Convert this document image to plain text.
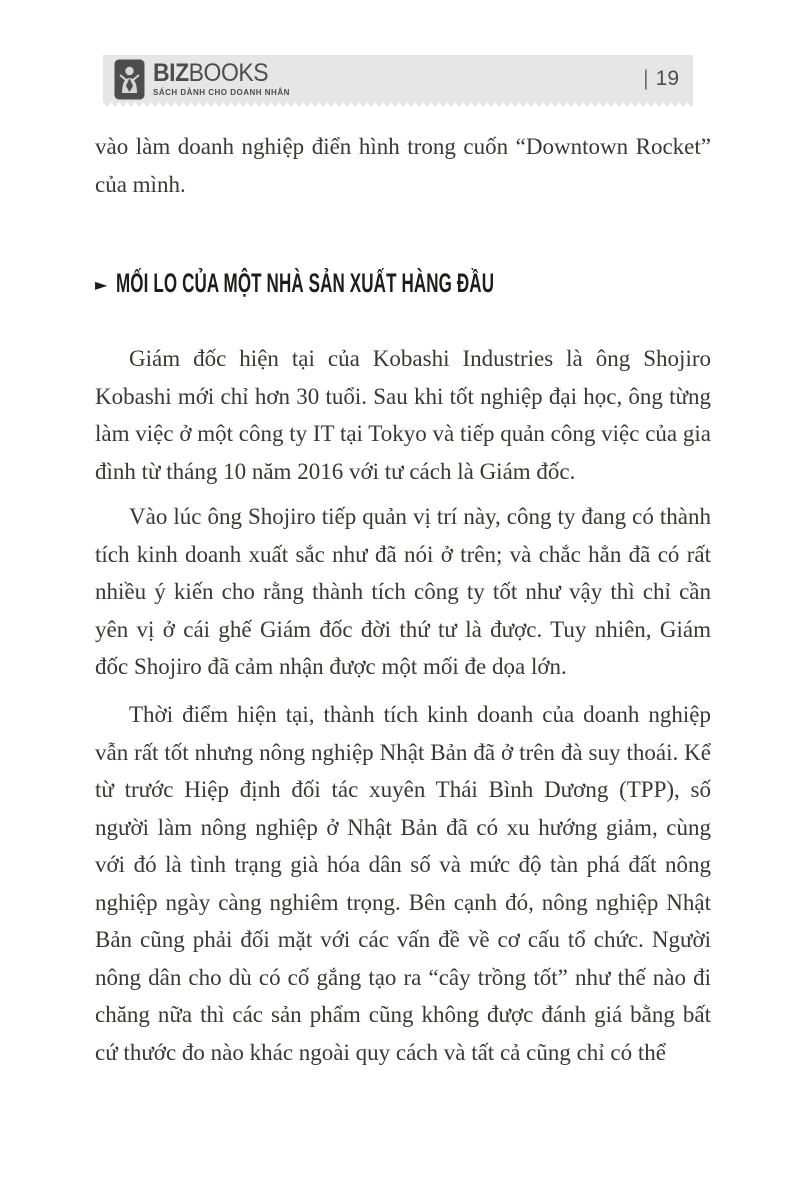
BIZBOOKS
SÁCH DÀNH CHO DOANH NHÂN
| 19

vào làm doanh nghiệp điển hình trong cuốn “Downtown Rocket” của mình.

► MỐI LO CỦA MỘT NHÀ SẢN XUẤT HÀNG ĐẦU

Giám đốc hiện tại của Kobashi Industries là ông Shojiro Kobashi mới chỉ hơn 30 tuổi. Sau khi tốt nghiệp đại học, ông từng làm việc ở một công ty IT tại Tokyo và tiếp quản công việc của gia đình từ tháng 10 năm 2016 với tư cách là Giám đốc.

Vào lúc ông Shojiro tiếp quản vị trí này, công ty đang có thành tích kinh doanh xuất sắc như đã nói ở trên; và chắc hẳn đã có rất nhiều ý kiến cho rằng thành tích công ty tốt như vậy thì chỉ cần yên vị ở cái ghế Giám đốc đời thứ tư là được. Tuy nhiên, Giám đốc Shojiro đã cảm nhận được một mối đe dọa lớn.

Thời điểm hiện tại, thành tích kinh doanh của doanh nghiệp vẫn rất tốt nhưng nông nghiệp Nhật Bản đã ở trên đà suy thoái. Kể từ trước Hiệp định đối tác xuyên Thái Bình Dương (TPP), số người làm nông nghiệp ở Nhật Bản đã có xu hướng giảm, cùng với đó là tình trạng già hóa dân số và mức độ tàn phá đất nông nghiệp ngày càng nghiêm trọng. Bên cạnh đó, nông nghiệp Nhật Bản cũng phải đối mặt với các vấn đề về cơ cấu tổ chức. Người nông dân cho dù có cố gắng tạo ra “cây trồng tốt” như thế nào đi chăng nữa thì các sản phẩm cũng không được đánh giá bằng bất cứ thước đo nào khác ngoài quy cách và tất cả cũng chỉ có thể
